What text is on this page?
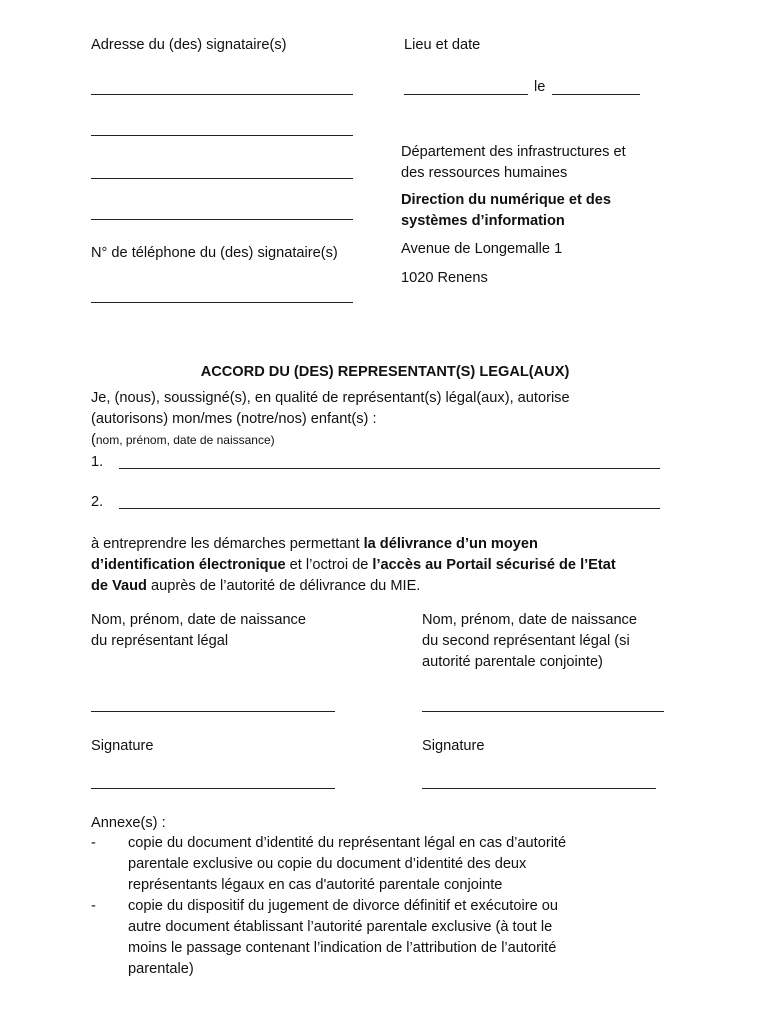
Adresse du (des) signataire(s)

N° de téléphone du (des) signataire(s)

Lieu et date

le

Département des infrastructures et

des ressources humaines

Direction du numérique et des

systèmes d’information

Avenue de Longemalle 1

1020 Renens

ACCORD DU (DES) REPRESENTANT(S) LEGAL(AUX)

Je, (nous), soussigné(s), en qualité de représentant(s) légal(aux), autorise

(autorisons) mon/mes (notre/nos) enfant(s) :

(nom, prénom, date de naissance)

1.

2.

à entreprendre les démarches permettant la délivrance d’un moyen

d’identification électronique et l’octroi de l’accès au Portail sécurisé de l’Etat

de Vaud auprès de l’autorité de délivrance du MIE.

Nom, prénom, date de naissance

du représentant légal

Nom, prénom, date de naissance

du second représentant légal (si

autorité parentale conjointe)

Signature	Signature

Annexe(s) :

-	copie du document d’identité du représentant légal en cas d’autorité

parentale exclusive ou copie du document d’identité des deux

représentants légaux en cas d'autorité parentale conjointe

-	copie du dispositif du jugement de divorce définitif et exécutoire ou

autre document établissant l’autorité parentale exclusive (à tout le

moins le passage contenant l’indication de l’attribution de l’autorité

parentale)
